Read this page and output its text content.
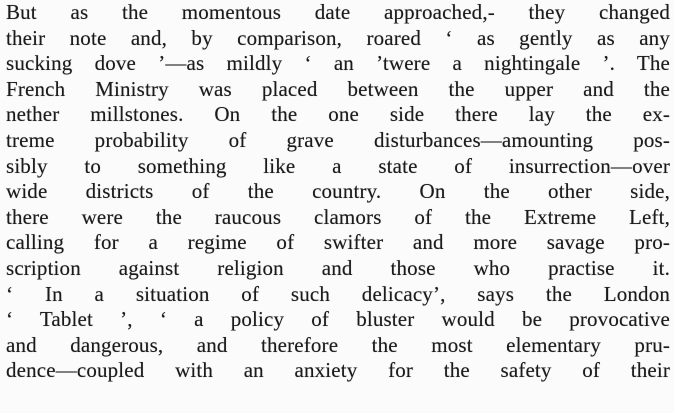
But as the momentous date approached,- they changed
their note and, by comparison, roared ‘ as gently as any
sucking dove ’—as mildly ‘ an ’twere a nightingale ’. The
French Ministry was placed between the upper and the
nether millstones. On the one side there lay the ex-
treme probability of grave disturbances—amounting pos-
sibly to something like a state of insurrection—over
wide districts of the country. On the other side,
there were the raucous clamors of the Extreme Left,
calling for a regime of swifter and more savage pro-
scription against religion and those who practise it.
‘ In a situation of such delicacy’, says the London
‘ Tablet ’, ‘ a policy of bluster would be provocative
and dangerous, and therefore the most elementary pru-
dence—coupled with an anxiety for the safety of their
